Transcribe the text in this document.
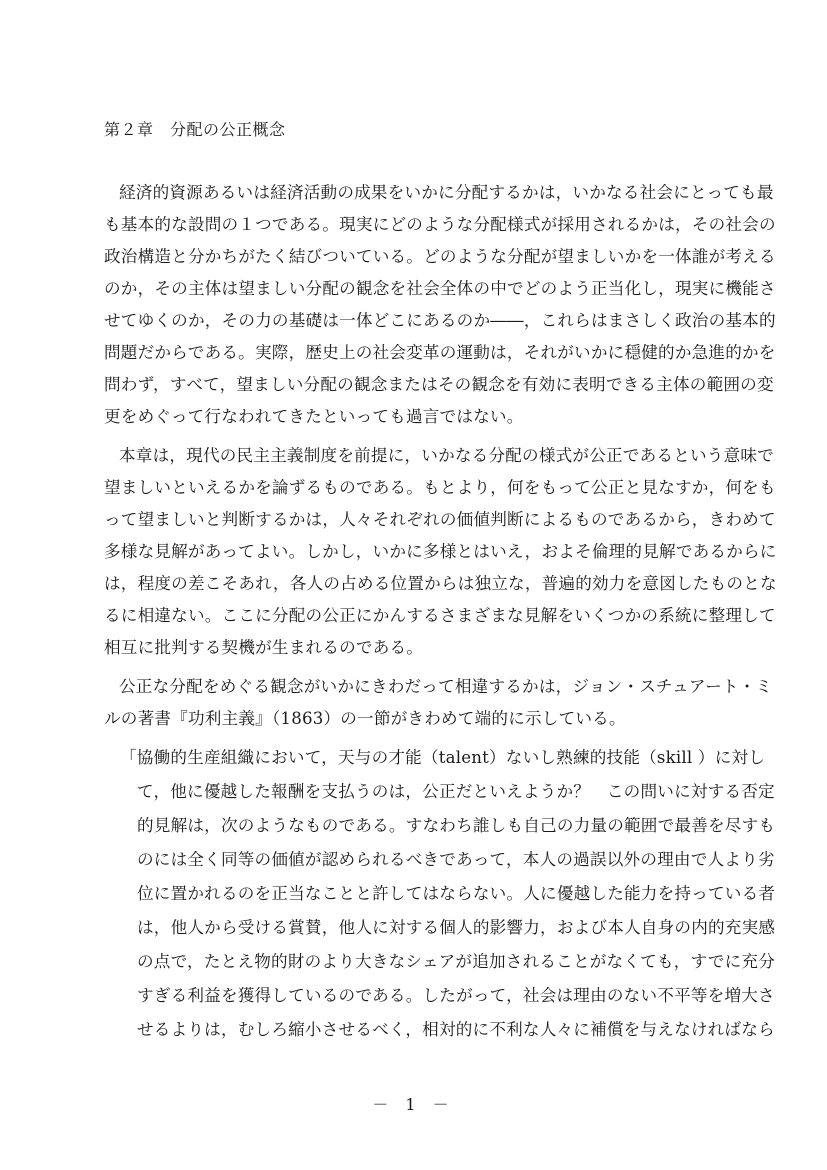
第２章　分配の公正概念
経済的資源あるいは経済活動の成果をいかに分配するかは，いかなる社会にとっても最
も基本的な設問の１つである。現実にどのような分配様式が採用されるかは，その社会の
政治構造と分かちがたく結びついている。どのような分配が望ましいかを一体誰が考える
のか，その主体は望ましい分配の観念を社会全体の中でどのよう正当化し，現実に機能さ
せてゆくのか，その力の基礎は一体どこにあるのか――，これらはまさしく政治の基本的
問題だからである。実際，歴史上の社会変革の運動は，それがいかに穏健的か急進的かを
問わず，すべて，望ましい分配の観念またはその観念を有効に表明できる主体の範囲の変
更をめぐって行なわれてきたといっても過言ではない。
本章は，現代の民主主義制度を前提に，いかなる分配の様式が公正であるという意味で
望ましいといえるかを論ずるものである。もとより，何をもって公正と見なすか，何をも
って望ましいと判断するかは，人々それぞれの価値判断によるものであるから，きわめて
多様な見解があってよい。しかし，いかに多様とはいえ，およそ倫理的見解であるからに
は，程度の差こそあれ，各人の占める位置からは独立な，普遍的効力を意図したものとな
るに相違ない。ここに分配の公正にかんするさまざまな見解をいくつかの系統に整理して
相互に批判する契機が生まれるのである。
公正な分配をめぐる観念がいかにきわだって相違するかは，ジョン・スチュアート・ミ
ルの著書『功利主義』（1863）の一節がきわめて端的に示している。
「協働的生産組織において，天与の才能（talent）ないし熟練的技能（skill ）に対し
て，他に優越した報酬を支払うのは，公正だといえようか？　この問いに対する否定
的見解は，次のようなものである。すなわち誰しも自己の力量の範囲で最善を尽すも
のには全く同等の価値が認められるべきであって，本人の過誤以外の理由で人より劣
位に置かれるのを正当なことと許してはならない。人に優越した能力を持っている者
は，他人から受ける賞賛，他人に対する個人的影響力，および本人自身の内的充実感
の点で，たとえ物的財のより大きなシェアが追加されることがなくても，すでに充分
すぎる利益を獲得しているのである。したがって，社会は理由のない不平等を増大さ
せるよりは，むしろ縮小させるべく，相対的に不利な人々に補償を与えなければなら
－ 1 －
